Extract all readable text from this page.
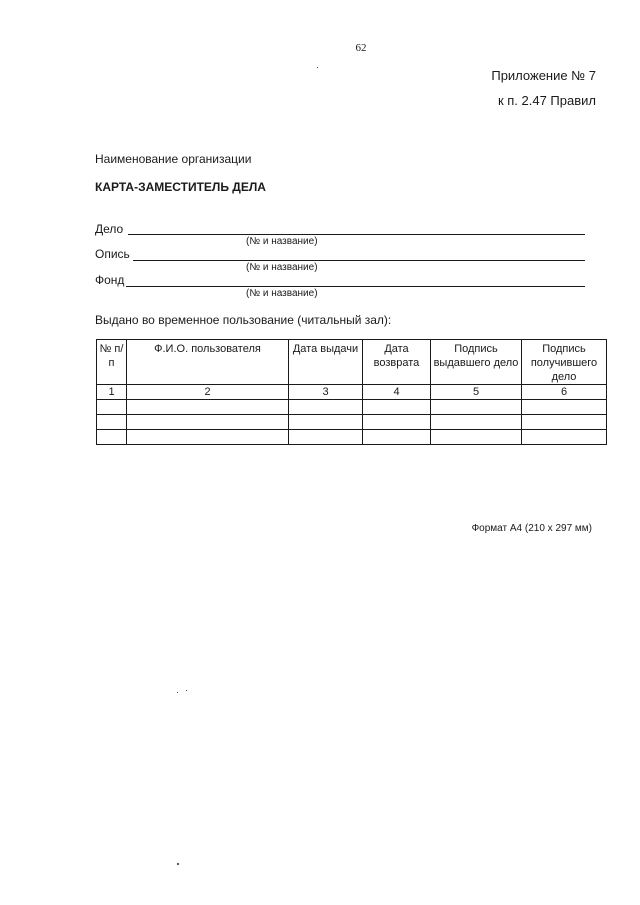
62
Приложение № 7
к п. 2.47 Правил
Наименование организации
КАРТА-ЗАМЕСТИТЕЛЬ ДЕЛА
Дело
(№ и название)
Опись
(№ и название)
Фонд
(№ и название)
Выдано во временное пользование (читальный зал):
№ п/п	Ф.И.О. пользователя	Дата выдачи	Дата возврата	Подпись выдавшего дело	Подпись получившего дело
1	2	3	4	5	6

Формат А4 (210 х 297 мм)
